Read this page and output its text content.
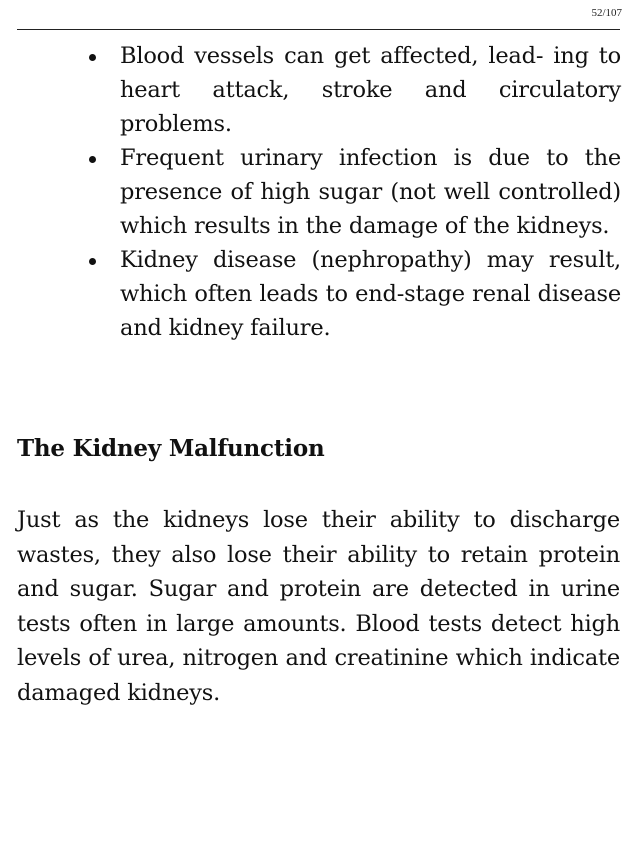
52/107
Blood vessels can get affected, lead- ing to heart attack, stroke and circulatory problems.
Frequent urinary infection is due to the presence of high sugar (not well controlled) which results in the damage of the kidneys.
Kidney disease (nephropathy) may result, which often leads to end-stage renal disease and kidney failure.
The Kidney Malfunction

Just as the kidneys lose their ability to discharge wastes, they also lose their ability to retain protein and sugar. Sugar and protein are detected in urine tests often in large amounts. Blood tests detect high levels of urea, nitrogen and creatinine which indicate damaged kidneys.
